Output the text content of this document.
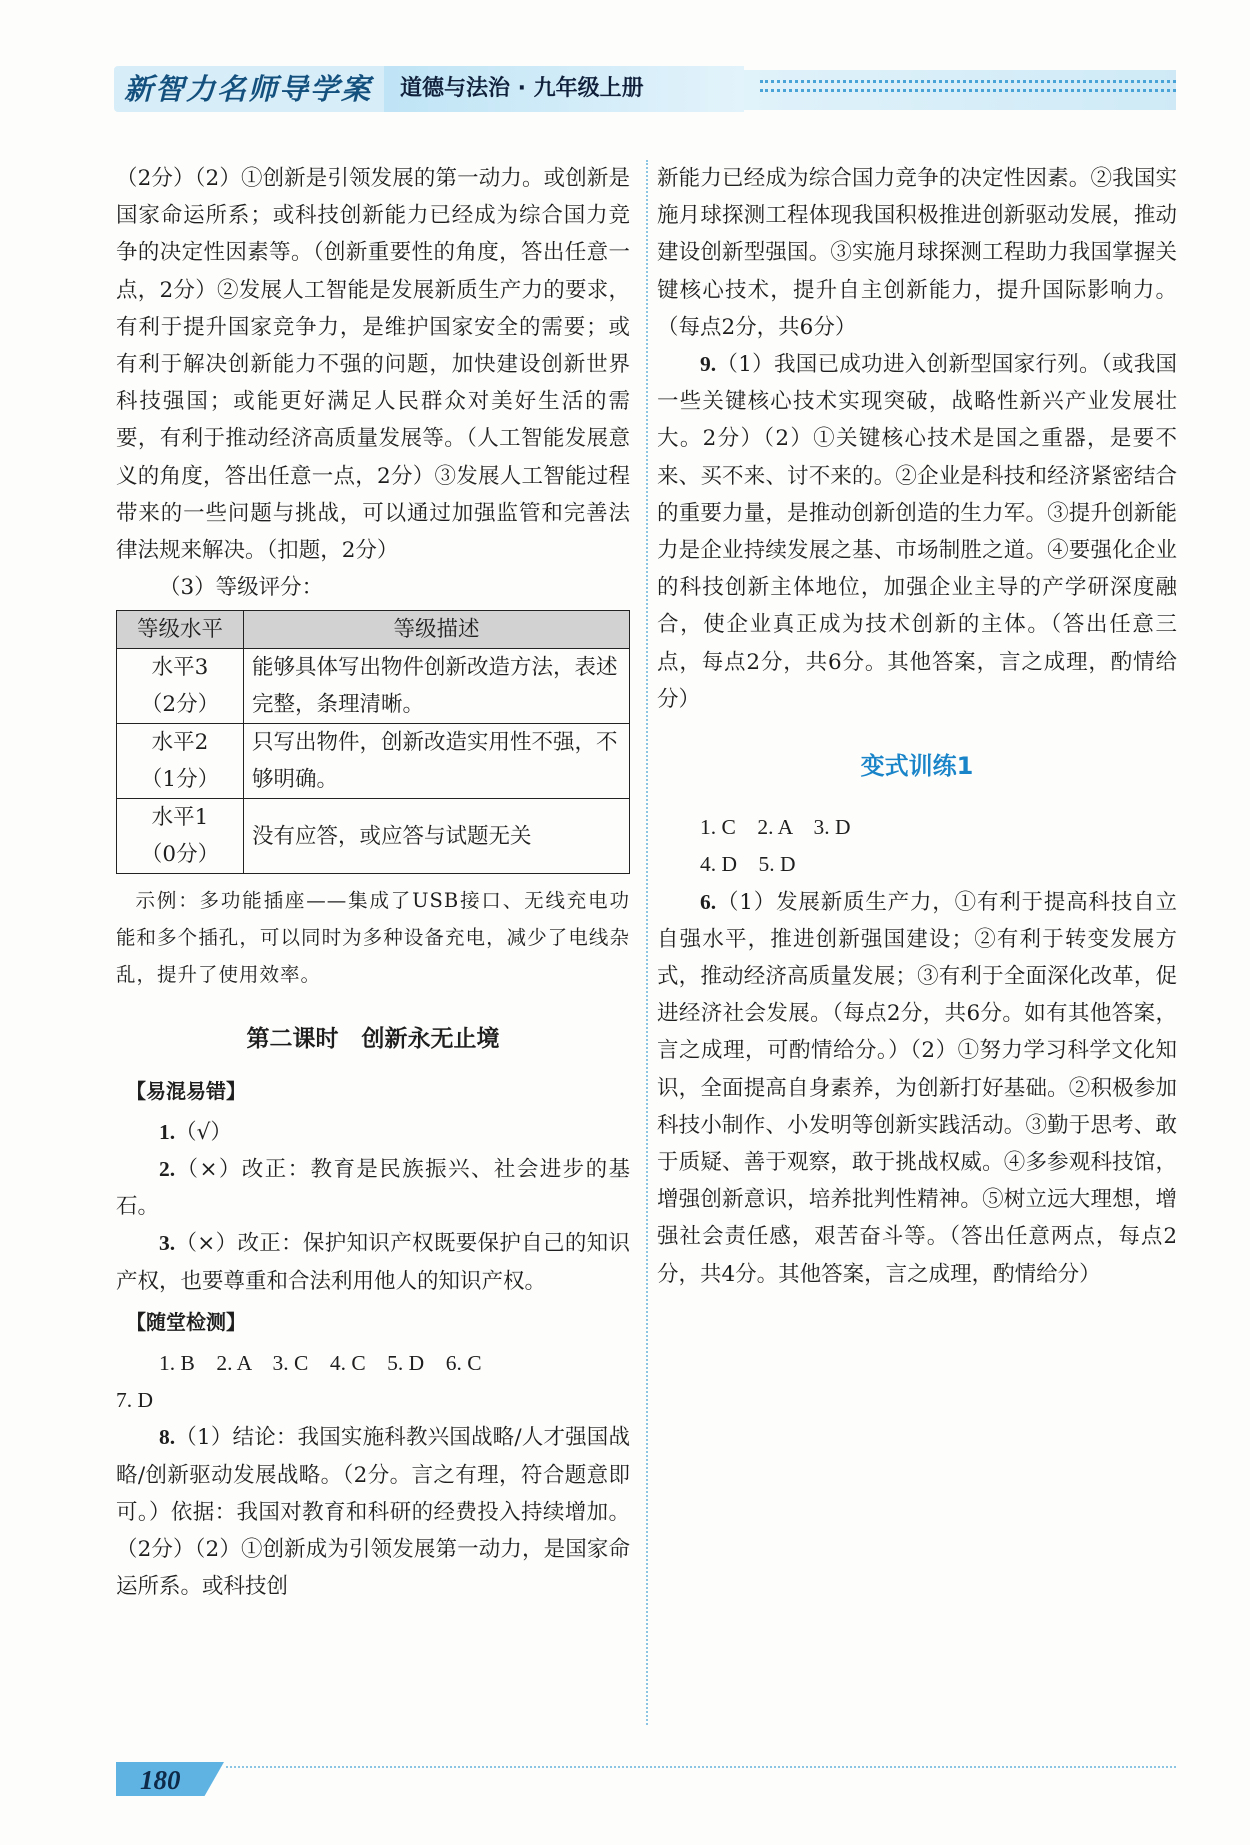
新智力名师导学案	道德与法治 · 九年级上册

（2分）（2）①创新是引领发展的第一动力。或创新是国家命运所系；或科技创新能力已经成为综合国力竞争的决定性因素等。（创新重要性的角度，答出任意一点，2分）②发展人工智能是发展新质生产力的要求，有利于提升国家竞争力，是维护国家安全的需要；或有利于解决创新能力不强的问题，加快建设创新世界科技强国；或能更好满足人民群众对美好生活的需要，有利于推动经济高质量发展等。（人工智能发展意义的角度，答出任意一点，2分）③发展人工智能过程带来的一些问题与挑战，可以通过加强监管和完善法律法规来解决。（扣题，2分）

（3）等级评分：

等级水平	等级描述

水平3
（2分）	能够具体写出物件创新改造方法，表述完整，条理清晰。

水平2
（1分）	只写出物件，创新改造实用性不强，不够明确。

水平1
（0分）	没有应答，或应答与试题无关

示例：多功能插座——集成了USB接口、无线充电功能和多个插孔，可以同时为多种设备充电，减少了电线杂乱，提升了使用效率。

第二课时　创新永无止境
【易混易错】

1.（√）

2.（×）改正：教育是民族振兴、社会进步的基石。

3.（×）改正：保护知识产权既要保护自己的知识产权，也要尊重和合法利用他人的知识产权。

【随堂检测】

1. B　2. A　3. C　4. C　5. D　6. C

7. D

8.（1）结论：我国实施科教兴国战略/人才强国战略/创新驱动发展战略。（2分。言之有理，符合题意即可。）依据：我国对教育和科研的经费投入持续增加。（2分）（2）①创新成为引领发展第一动力，是国家命运所系。或科技创

新能力已经成为综合国力竞争的决定性因素。②我国实施月球探测工程体现我国积极推进创新驱动发展，推动建设创新型强国。③实施月球探测工程助力我国掌握关键核心技术，提升自主创新能力，提升国际影响力。（每点2分，共6分）

9.（1）我国已成功进入创新型国家行列。（或我国一些关键核心技术实现突破，战略性新兴产业发展壮大。2分）（2）①关键核心技术是国之重器，是要不来、买不来、讨不来的。②企业是科技和经济紧密结合的重要力量，是推动创新创造的生力军。③提升创新能力是企业持续发展之基、市场制胜之道。④要强化企业的科技创新主体地位，加强企业主导的产学研深度融合，使企业真正成为技术创新的主体。（答出任意三点，每点2分，共6分。其他答案，言之成理，酌情给分）

变式训练1

1. C　2. A　3. D

4. D　5. D

6.（1）发展新质生产力，①有利于提高科技自立自强水平，推进创新强国建设；②有利于转变发展方式，推动经济高质量发展；③有利于全面深化改革，促进经济社会发展。（每点2分，共6分。如有其他答案，言之成理，可酌情给分。）（2）①努力学习科学文化知识，全面提高自身素养，为创新打好基础。②积极参加科技小制作、小发明等创新实践活动。③勤于思考、敢于质疑、善于观察，敢于挑战权威。④多参观科技馆，增强创新意识，培养批判性精神。⑤树立远大理想，增强社会责任感，艰苦奋斗等。（答出任意两点，每点2分，共4分。其他答案，言之成理，酌情给分）

180
